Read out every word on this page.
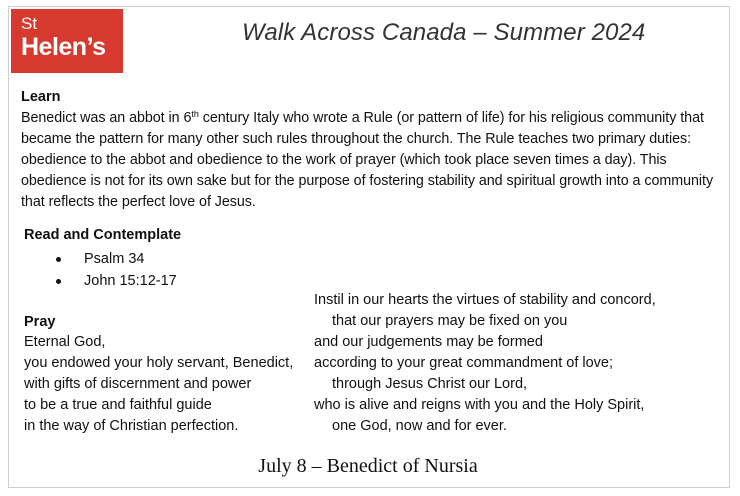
St
Helen’s
Walk Across Canada – Summer 2024
Learn

Benedict was an abbot in 6th century Italy who wrote a Rule (or pattern of life) for his religious community that became the pattern for many other such rules throughout the church. The Rule teaches two primary duties: obedience to the abbot and obedience to the work of prayer (which took place seven times a day). This obedience is not for its own sake but for the purpose of fostering stability and spiritual growth into a community that reflects the perfect love of Jesus.

Read and Contemplate
Psalm 34
John 15:12-17
Pray
Eternal God,
you endowed your holy servant, Benedict,
with gifts of discernment and power
to be a true and faithful guide
in the way of Christian perfection.
Instil in our hearts the virtues of stability and concord,
that our prayers may be fixed on you
and our judgements may be formed
according to your great commandment of love;
through Jesus Christ our Lord,
who is alive and reigns with you and the Holy Spirit,
one God, now and for ever.
July 8 – Benedict of Nursia
